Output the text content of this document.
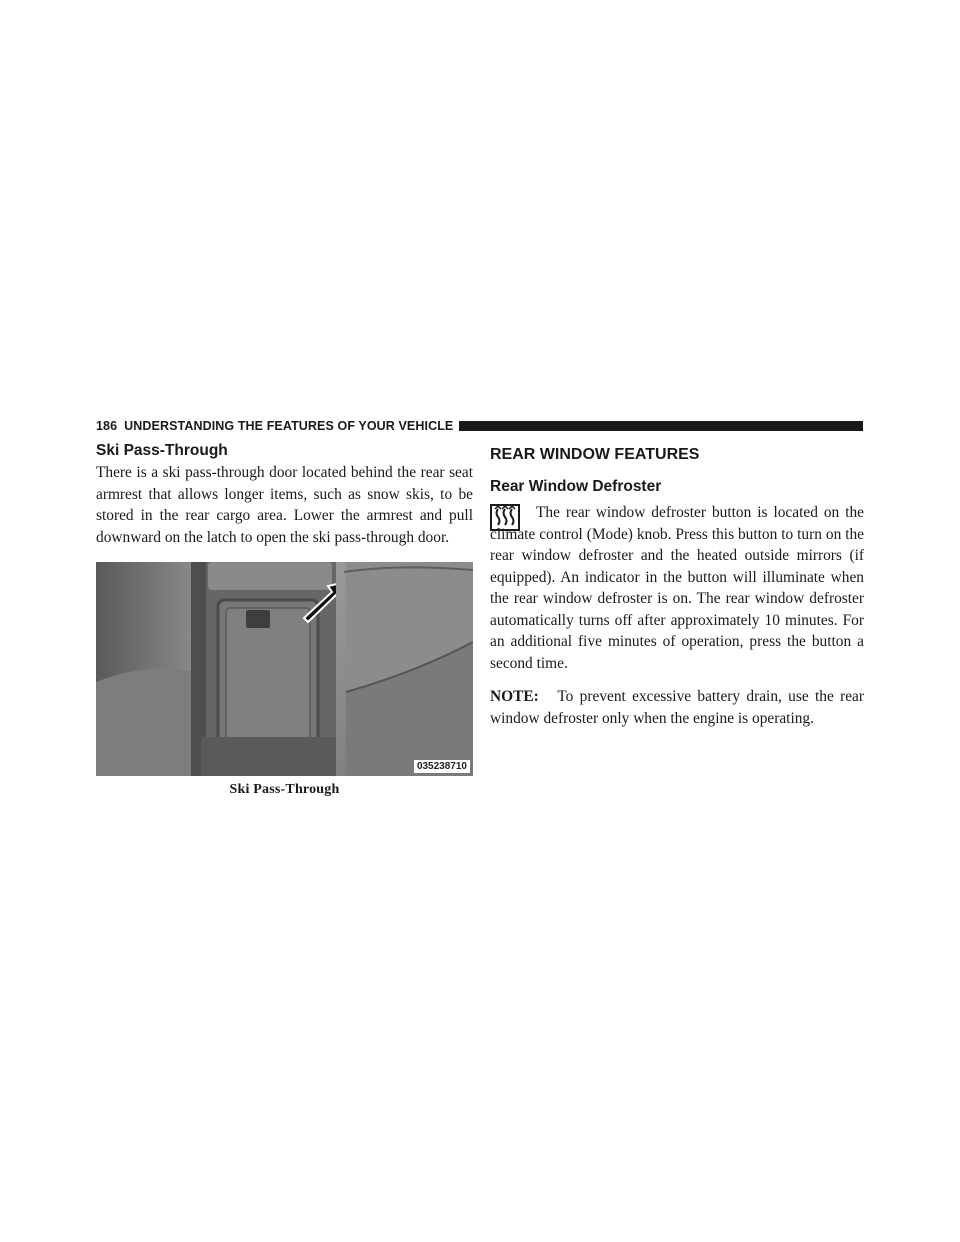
186 UNDERSTANDING THE FEATURES OF YOUR VEHICLE
Ski Pass-Through

There is a ski pass-through door located behind the rear seat armrest that allows longer items, such as snow skis, to be stored in the rear cargo area. Lower the armrest and pull downward on the latch to open the ski pass-through door.

035238710
Ski Pass-Through
REAR WINDOW FEATURES
Rear Window Defroster

The rear window defroster button is located on the climate control (Mode) knob. Press this button to turn on the rear window defroster and the heated outside mirrors (if equipped). An indicator in the button will illuminate when the rear window defroster is on. The rear window defroster automatically turns off after approximately 10 minutes. For an additional five minutes of operation, press the button a second time.

NOTE: To prevent excessive battery drain, use the rear window defroster only when the engine is operating.
